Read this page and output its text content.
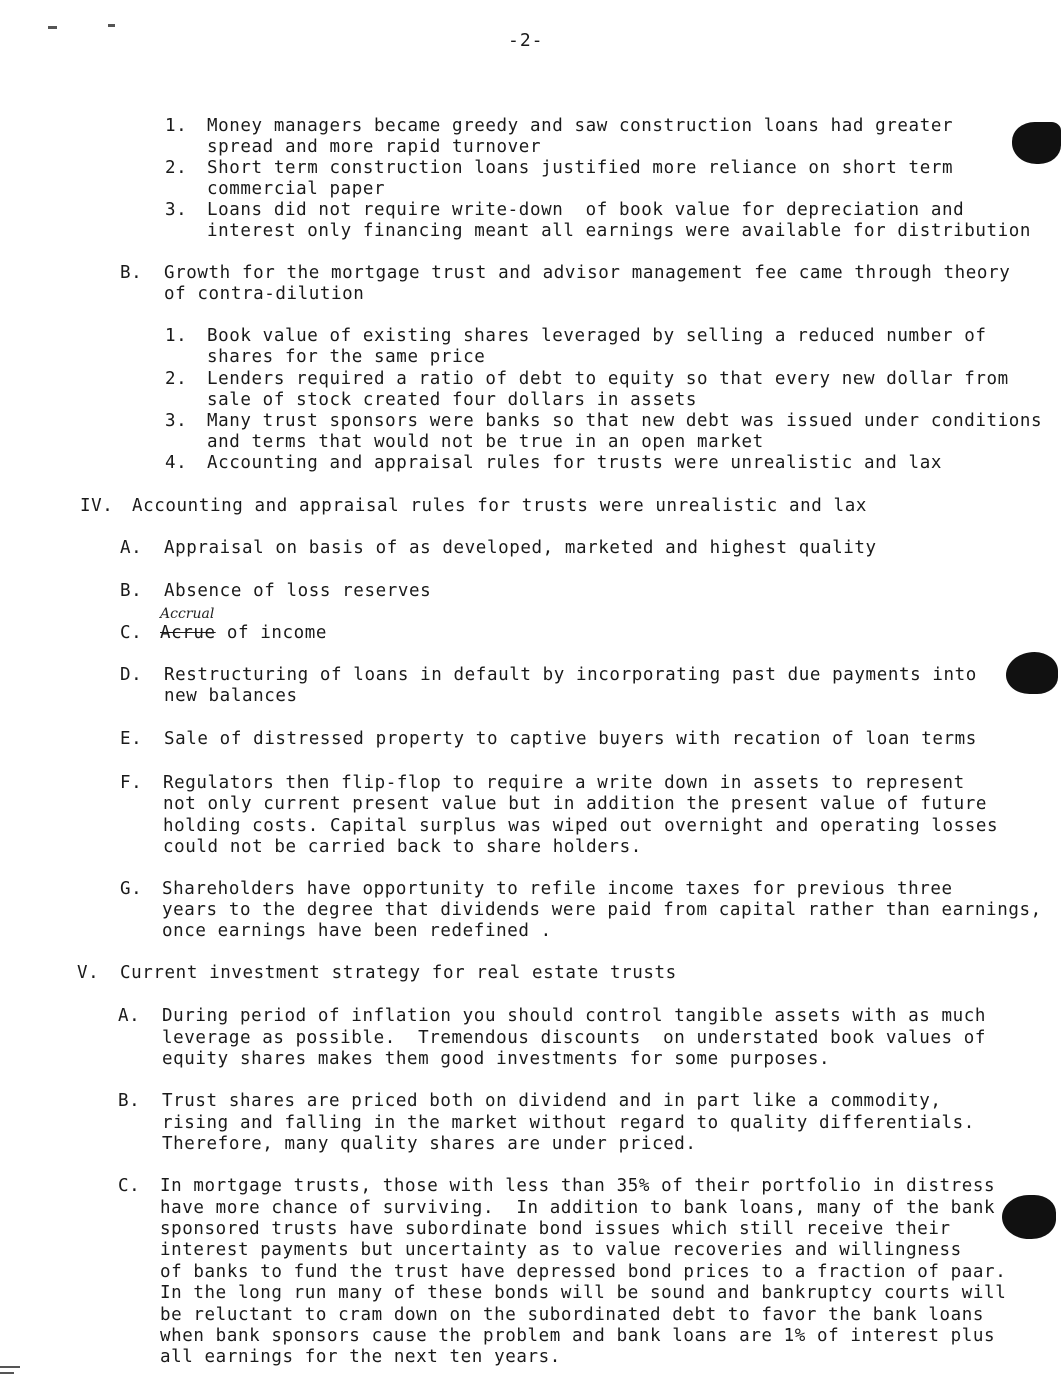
-2-
1. Money managers became greedy and saw construction loans had greater
spread and more rapid turnover
2. Short term construction loans justified more reliance on short term
commercial paper
3. Loans did not require write-down  of book value for depreciation and
interest only financing meant all earnings were available for distribution
B. Growth for the mortgage trust and advisor management fee came through theory
of contra-dilution
1. Book value of existing shares leveraged by selling a reduced number of
shares for the same price
2. Lenders required a ratio of debt to equity so that every new dollar from
sale of stock created four dollars in assets
3. Many trust sponsors were banks so that new debt was issued under conditions
and terms that would not be true in an open market
4. Accounting and appraisal rules for trusts were unrealistic and lax
IV. Accounting and appraisal rules for trusts were unrealistic and lax
A. Appraisal on basis of as developed, marketed and highest quality
B. Absence of loss reserves
Accrual
C. Acrue of income
D. Restructuring of loans in default by incorporating past due payments into
new balances
E. Sale of distressed property to captive buyers with recation of loan terms
F. Regulators then flip-flop to require a write down in assets to represent
not only current present value but in addition the present value of future
holding costs. Capital surplus was wiped out overnight and operating losses
could not be carried back to share holders.
G. Shareholders have opportunity to refile income taxes for previous three
years to the degree that dividends were paid from capital rather than earnings,
once earnings have been redefined .
V. Current investment strategy for real estate trusts
A. During period of inflation you should control tangible assets with as much
leverage as possible.  Tremendous discounts  on understated book values of
equity shares makes them good investments for some purposes.
B. Trust shares are priced both on dividend and in part like a commodity,
rising and falling in the market without regard to quality differentials.
Therefore, many quality shares are under priced.
C. In mortgage trusts, those with less than 35% of their portfolio in distress
have more chance of surviving.  In addition to bank loans, many of the bank
sponsored trusts have subordinate bond issues which still receive their
interest payments but uncertainty as to value recoveries and willingness
of banks to fund the trust have depressed bond prices to a fraction of paar.
In the long run many of these bonds will be sound and bankruptcy courts will
be reluctant to cram down on the subordinated debt to favor the bank loans
when bank sponsors cause the problem and bank loans are 1% of interest plus
all earnings for the next ten years.
